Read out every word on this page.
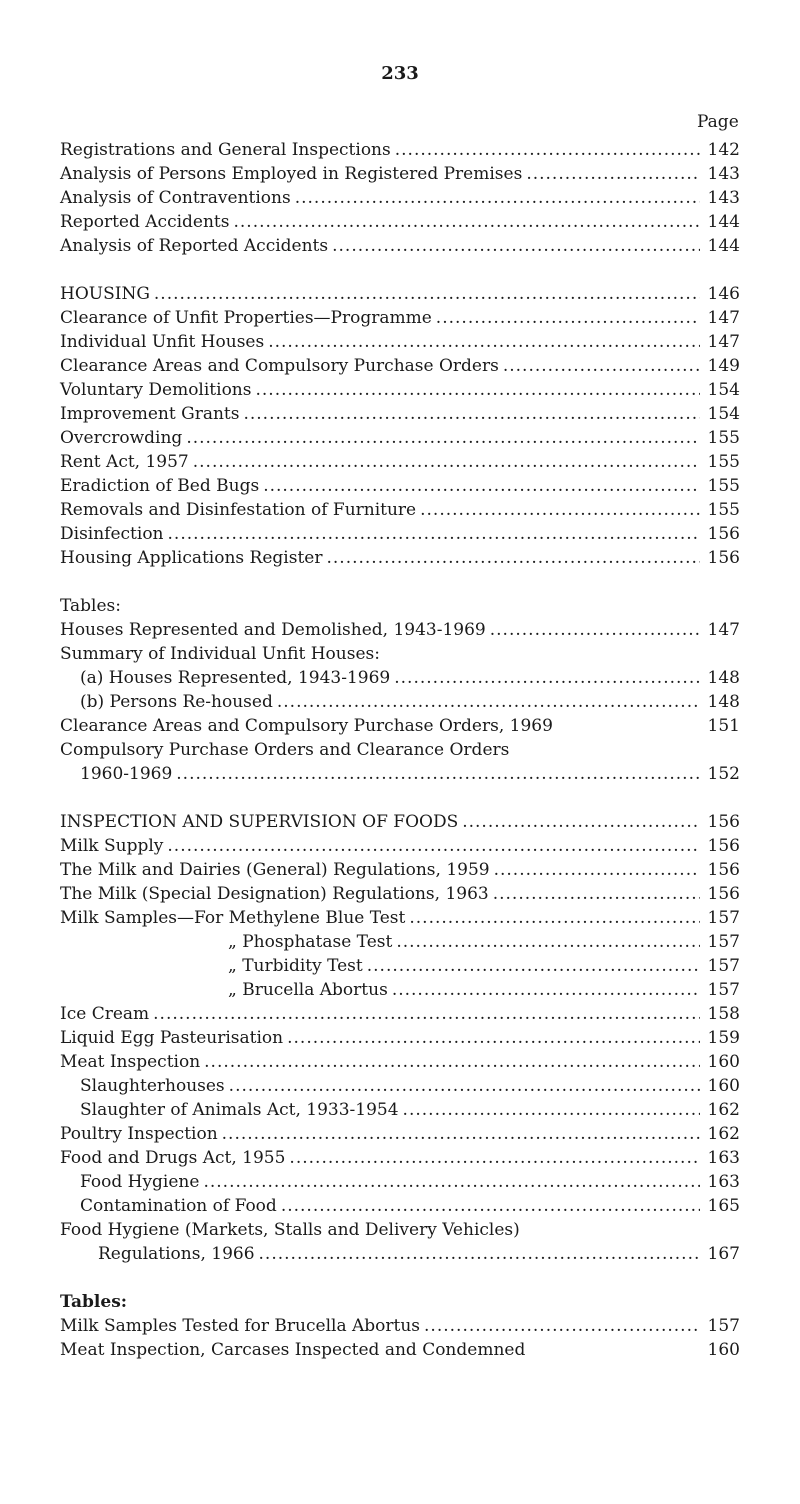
233
Page
Registrations and General Inspections .....	142
Analysis of Persons Employed in Registered Premises .....	143
Analysis of Contraventions .....	143
Reported Accidents .....	144
Analysis of Reported Accidents .....	144
HOUSING .....	146
Clearance of Unfit Properties—Programme .....	147
Individual Unfit Houses .....	147
Clearance Areas and Compulsory Purchase Orders .....	149
Voluntary Demolitions .....	154
Improvement Grants .....	154
Overcrowding .....	155
Rent Act, 1957 .....	155
Eradiction of Bed Bugs .....	155
Removals and Disinfestation of Furniture .....	155
Disinfection .....	156
Housing Applications Register .....	156
Tables:
Houses Represented and Demolished, 1943-1969 .....	147
Summary of Individual Unfit Houses:
(a) Houses Represented, 1943-1969 .....	148
(b) Persons Re-housed .....	148
Clearance Areas and Compulsory Purchase Orders, 1969	151
Compulsory Purchase Orders and Clearance Orders
1960-1969 .....	152
INSPECTION AND SUPERVISION OF FOODS .....	156
Milk Supply .....	156
The Milk and Dairies (General) Regulations, 1959 .....	156
The Milk (Special Designation) Regulations, 1963 .....	156
Milk Samples—For Methylene Blue Test .....	157
„ Phosphatase Test .....	157
„ Turbidity Test .....	157
„ Brucella Abortus .....	157
Ice Cream .....	158
Liquid Egg Pasteurisation .....	159
Meat Inspection .....	160
Slaughterhouses .....	160
Slaughter of Animals Act, 1933-1954 .....	162
Poultry Inspection .....	162
Food and Drugs Act, 1955 .....	163
Food Hygiene .....	163
Contamination of Food .....	165
Food Hygiene (Markets, Stalls and Delivery Vehicles)
Regulations, 1966 .....	167
Tables:
Milk Samples Tested for Brucella Abortus .....	157
Meat Inspection, Carcases Inspected and Condemned	160
